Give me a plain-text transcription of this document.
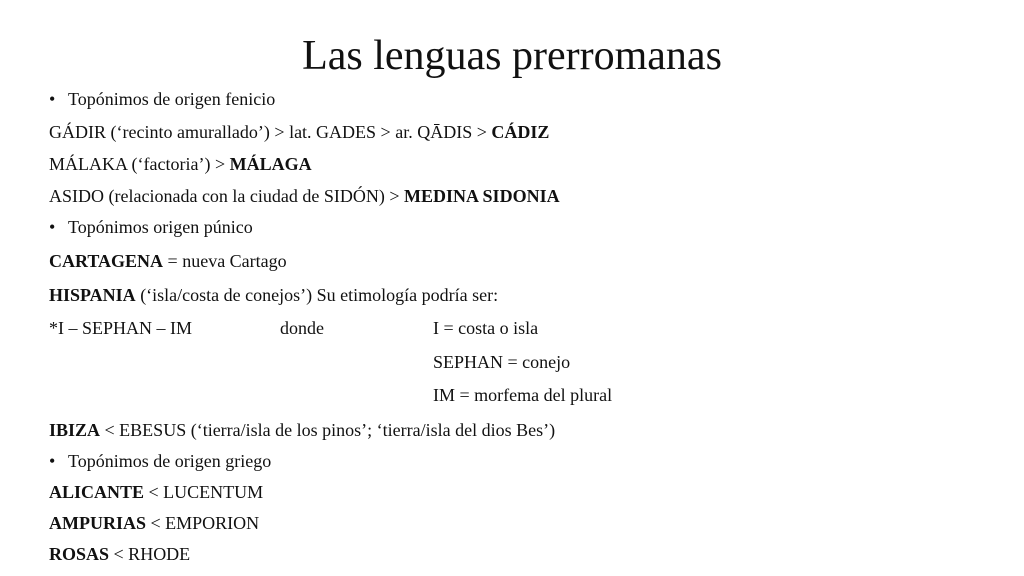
Las lenguas prerromanas
• Topónimos de origen fenicio
GÁDIR (‘recinto amurallado’) > lat. GADES > ar. QĀDIS > CÁDIZ
MÁLAKA (‘factoria’) > MÁLAGA
ASIDO (relacionada con la ciudad de SIDÓN) > MEDINA SIDONIA
• Topónimos origen púnico
CARTAGENA = nueva Cartago
HISPANIA (‘isla/costa de conejos’) Su etimología podría ser:
*I – SEPHAN – IM	donde	I = costa o isla
SEPHAN = conejo
IM = morfema del plural
IBIZA < EBESUS (‘tierra/isla de los pinos’; ‘tierra/isla del dios Bes’)
• Topónimos de origen griego
ALICANTE < LUCENTUM
AMPURIAS < EMPORION
ROSAS < RHODE
